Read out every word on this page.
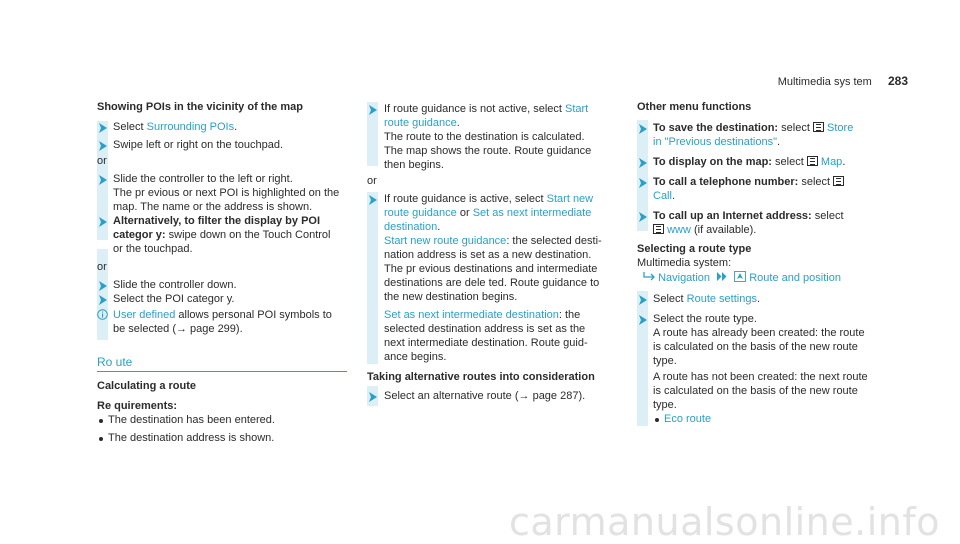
Multimedia sys tem 283
Showing POIs in the vicinity of the map
Select Surrounding POIs.
Swipe left or right on the touchpad.
or
Slide the controller to the left or right.
The pr evious or next POI is highlighted on the
map. The name or the address is shown.
Alternatively, to filter the display by POI
categor y: swipe down on the Touch Control
or the touchpad.
or
Slide the controller down.
Select the POI categor y.
User defined allows personal POI symbols to
be selected (→ page 299).
Ro ute
Calculating a route
Re quirements:
The destination has been entered.
The destination address is shown.
If route guidance is not active, select Start
route guidance.
The route to the destination is calculated.
The map shows the route. Route guidance
then begins.
or
If route guidance is active, select Start new
route guidance or Set as next intermediate
destination.
Start new route guidance: the selected desti-
nation address is set as a new destination.
The pr evious destinations and intermediate
destinations are dele ted. Route guidance to
the new destination begins.
Set as next intermediate destination: the
selected destination address is set as the
next intermediate destination. Route guid-
ance begins.
Taking alternative routes into consideration
Select an alternative route (→ page 287).
Other menu functions
To save the destination: select  Store
in "Previous destinations".
To display on the map: select  Map.
To call a telephone number: select
Call.
To call up an Internet address: select
www (if available).
Selecting a route type
Multimedia system:
Navigation	Route and position
Select Route settings.
Select the route type.
A route has already been created: the route
is calculated on the basis of the new route
type.
A route has not been created: the next route
is calculated on the basis of the new route
type.
Eco route
carmanualsonline.info
